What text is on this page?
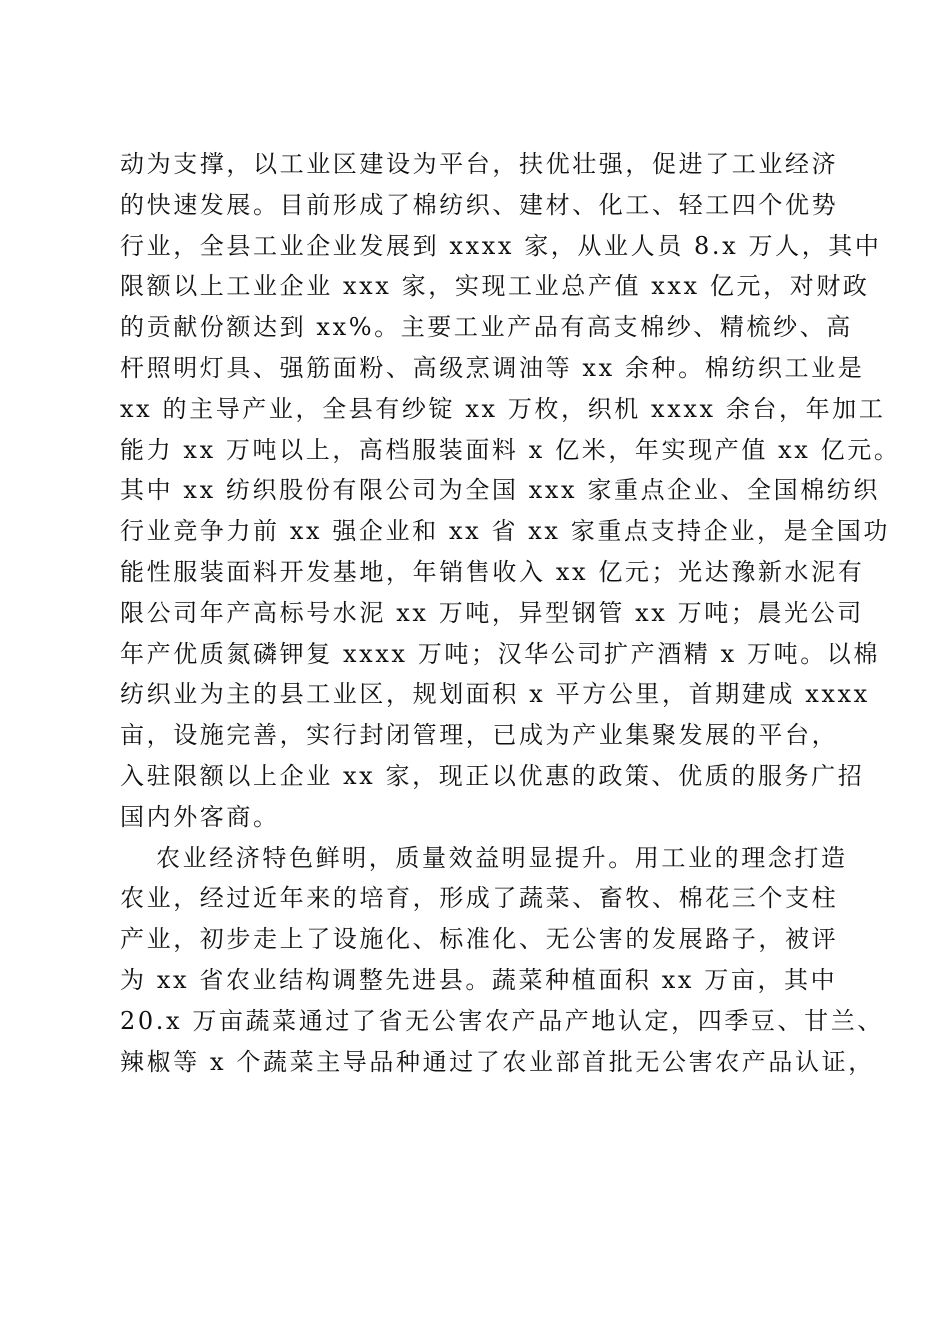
动为支撑，以工业区建设为平台，扶优壮强，促进了工业经济
的快速发展。目前形成了棉纺织、建材、化工、轻工四个优势
行业，全县工业企业发展到 xxxx 家，从业人员 8.x 万人，其中
限额以上工业企业 xxx 家，实现工业总产值 xxx 亿元，对财政
的贡献份额达到 xx%。主要工业产品有高支棉纱、精梳纱、高
杆照明灯具、强筋面粉、高级烹调油等 xx 余种。棉纺织工业是
xx 的主导产业，全县有纱锭 xx 万枚，织机 xxxx 余台，年加工
能力 xx 万吨以上，高档服装面料 x 亿米，年实现产值 xx 亿元。
其中 xx 纺织股份有限公司为全国 xxx 家重点企业、全国棉纺织
行业竞争力前 xx 强企业和 xx 省 xx 家重点支持企业，是全国功
能性服装面料开发基地，年销售收入 xx 亿元；光达豫新水泥有
限公司年产高标号水泥 xx 万吨，异型钢管 xx 万吨；晨光公司
年产优质氮磷钾复 xxxx 万吨；汉华公司扩产酒精 x 万吨。以棉
纺织业为主的县工业区，规划面积 x 平方公里，首期建成 xxxx
亩，设施完善，实行封闭管理，已成为产业集聚发展的平台，
入驻限额以上企业 xx 家，现正以优惠的政策、优质的服务广招
国内外客商。
农业经济特色鲜明，质量效益明显提升。用工业的理念打造
农业，经过近年来的培育，形成了蔬菜、畜牧、棉花三个支柱
产业，初步走上了设施化、标准化、无公害的发展路子，被评
为 xx 省农业结构调整先进县。蔬菜种植面积 xx 万亩，其中
20.x 万亩蔬菜通过了省无公害农产品产地认定，四季豆、甘兰、
辣椒等 x 个蔬菜主导品种通过了农业部首批无公害农产品认证，
